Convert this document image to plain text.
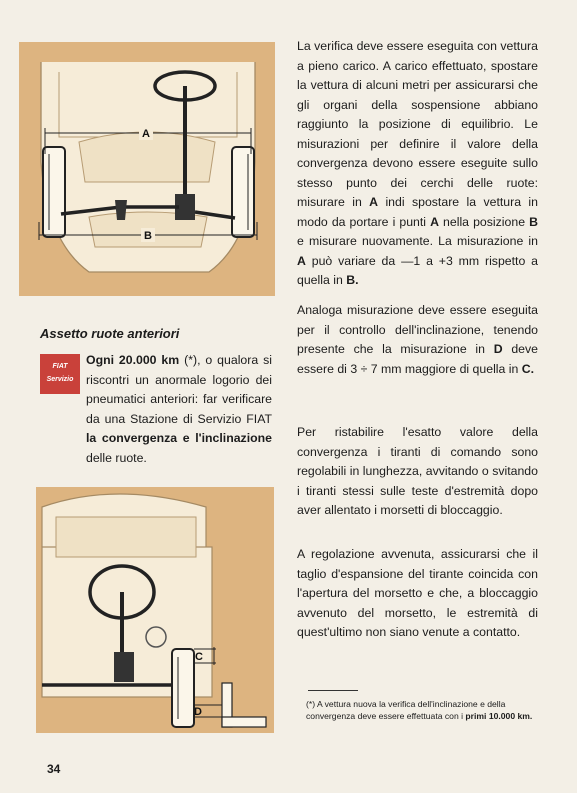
A
B
Assetto ruote anteriori
FIAT
Servizio
Ogni 20.000 km (*), o qualora si riscontri un anormale logorio dei pneumatici anteriori: far verificare da una Stazione di Servizio FIAT la convergenza e l'inclinazione delle ruote.
C
D
La verifica deve essere eseguita con vettura a pieno carico. A carico effettuato, spostare la vettura di alcuni metri per assicurarsi che gli organi della sospensione abbiano raggiunto la posizione di equilibrio. Le misurazioni per definire il valore della convergenza devono essere eseguite sullo stesso punto dei cerchi delle ruote: misurare in A indi spostare la vettura in modo da portare i punti A nella posizione B e misurare nuovamente. La misurazione in A può variare da —1 a +3 mm rispetto a quella in B.
Analoga misurazione deve essere eseguita per il controllo dell'inclinazione, tenendo presente che la misurazione in D deve essere di 3 ÷ 7 mm maggiore di quella in C.
Per ristabilire l'esatto valore della convergenza i tiranti di comando sono regolabili in lunghezza, avvitando o svitando i tiranti stessi sulle teste d'estremità dopo aver allentato i morsetti di bloccaggio.
A regolazione avvenuta, assicurarsi che il taglio d'espansione del tirante coincida con l'apertura del morsetto e che, a bloccaggio avvenuto del morsetto, le estremità di quest'ultimo non siano venute a contatto.
(*) A vettura nuova la verifica dell'inclinazione e della convergenza deve essere effettuata con i primi 10.000 km.
34
